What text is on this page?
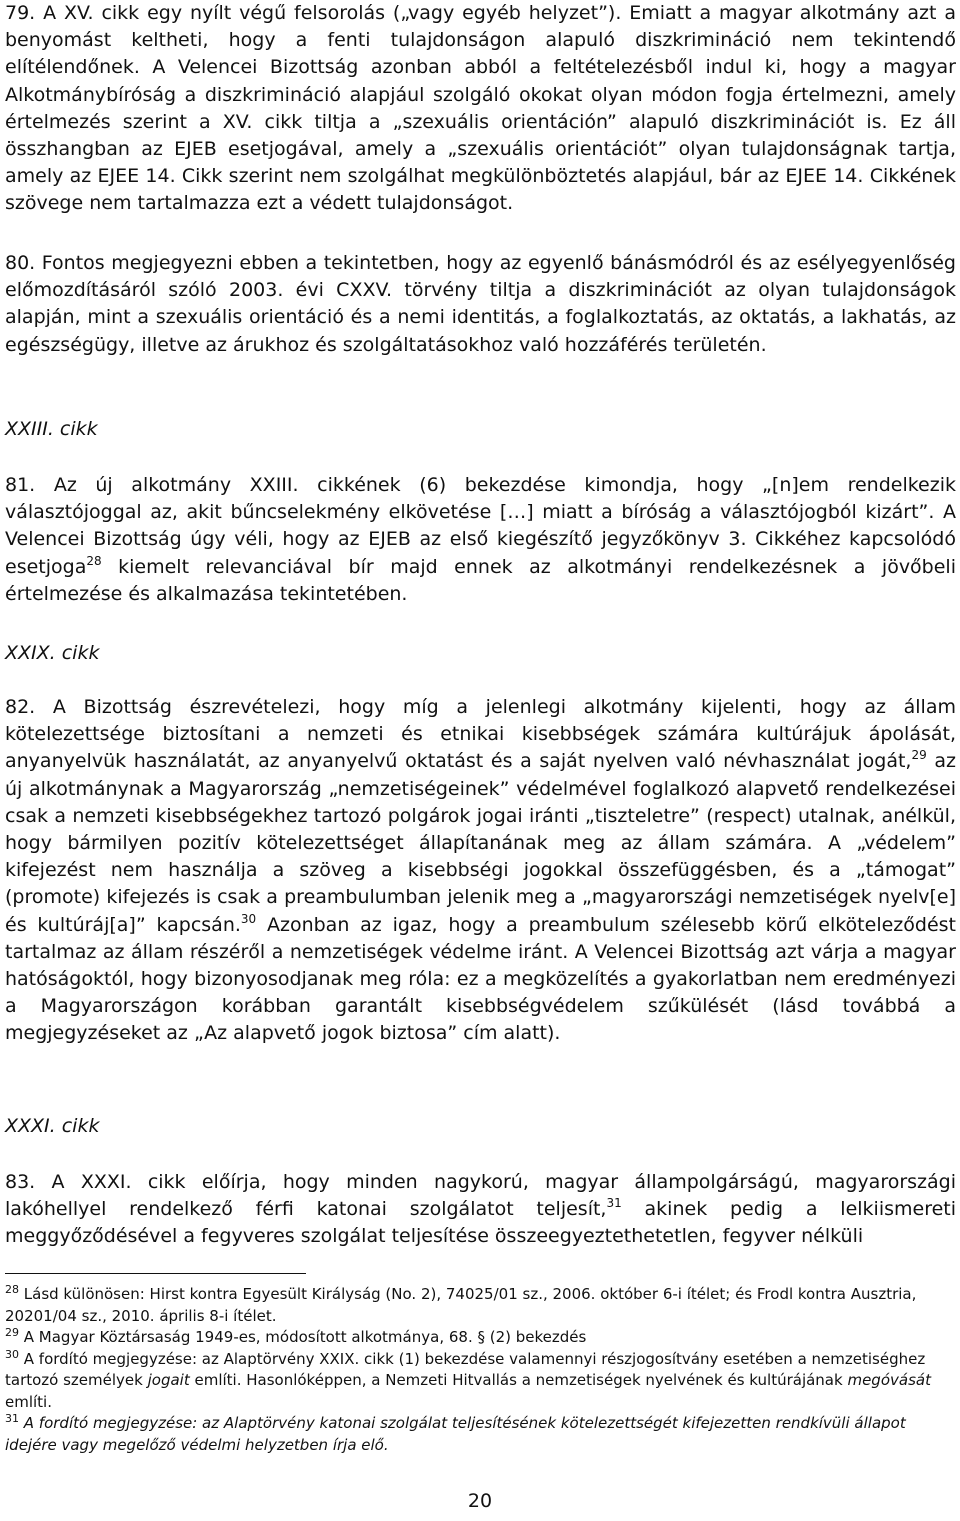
79. A XV. cikk egy nyílt végű felsorolás („vagy egyéb helyzet”). Emiatt a magyar alkotmány azt a benyomást keltheti, hogy a fenti tulajdonságon alapuló diszkrimináció nem tekintendő elítélendőnek. A Velencei Bizottság azonban abból a feltételezésből indul ki, hogy a magyar Alkotmánybíróság a diszkrimináció alapjául szolgáló okokat olyan módon fogja értelmezni, amely értelmezés szerint a XV. cikk tiltja a „szexuális orientáción” alapuló diszkriminációt is. Ez áll összhangban az EJEB esetjogával, amely a „szexuális orientációt” olyan tulajdonságnak tartja, amely az EJEE 14. Cikk szerint nem szolgálhat megkülönböztetés alapjául, bár az EJEE 14. Cikkének szövege nem tartalmazza ezt a védett tulajdonságot.

80. Fontos megjegyezni ebben a tekintetben, hogy az egyenlő bánásmódról és az esélyegyenlőség előmozdításáról szóló 2003. évi CXXV. törvény tiltja a diszkriminációt az olyan tulajdonságok alapján, mint a szexuális orientáció és a nemi identitás, a foglalkoztatás, az oktatás, a lakhatás, az egészségügy, illetve az árukhoz és szolgáltatásokhoz való hozzáférés területén.

XXIII. cikk

81. Az új alkotmány XXIII. cikkének (6) bekezdése kimondja, hogy „[n]em rendelkezik választójoggal az, akit bűncselekmény elkövetése […] miatt a bíróság a választójogból kizárt”. A Velencei Bizottság úgy véli, hogy az EJEB az első kiegészítő jegyzőkönyv 3. Cikkéhez kapcsolódó esetjoga$^{28}$ kiemelt relevanciával bír majd ennek az alkotmányi rendelkezésnek a jövőbeli értelmezése és alkalmazása tekintetében.

XXIX. cikk

82. A Bizottság észrevételezi, hogy míg a jelenlegi alkotmány kijelenti, hogy az állam kötelezettsége biztosítani a nemzeti és etnikai kisebbségek számára kultúrájuk ápolását, anyanyelvük használatát, az anyanyelvű oktatást és a saját nyelven való névhasználat jogát,$^{29}$ az új alkotmánynak a Magyarország „nemzetiségeinek” védelmével foglalkozó alapvető rendelkezései csak a nemzeti kisebbségekhez tartozó polgárok jogai iránti „tiszteletre” (respect) utalnak, anélkül, hogy bármilyen pozitív kötelezettséget állapítanának meg az állam számára. A „védelem” kifejezést nem használja a szöveg a kisebbségi jogokkal összefüggésben, és a „támogat” (promote) kifejezés is csak a preambulumban jelenik meg a „magyarországi nemzetiségek nyelv[e] és kultúráj[a]” kapcsán.$^{30}$ Azonban az igaz, hogy a preambulum szélesebb körű elköteleződést tartalmaz az állam részéről a nemzetiségek védelme iránt. A Velencei Bizottság azt várja a magyar hatóságoktól, hogy bizonyosodjanak meg róla: ez a megközelítés a gyakorlatban nem eredményezi a Magyarországon korábban garantált kisebbségvédelem szűkülését (lásd továbbá a megjegyzéseket az „Az alapvető jogok biztosa” cím alatt).

XXXI. cikk

83. A XXXI. cikk előírja, hogy minden nagykorú, magyar állampolgárságú, magyarországi lakóhellyel rendelkező férfi katonai szolgálatot teljesít,$^{31}$ akinek pedig a lelkiismereti meggyőződésével a fegyveres szolgálat teljesítése összeegyeztethetetlen, fegyver nélküli

$^{28}$ Lásd különösen: Hirst kontra Egyesült Királyság (No. 2), 74025/01 sz., 2006. október 6-i ítélet; és Frodl kontra Ausztria, 20201/04 sz., 2010. április 8-i ítélet.

$^{29}$ A Magyar Köztársaság 1949-es, módosított alkotmánya, 68. § (2) bekezdés

$^{30}$ A fordító megjegyzése: az Alaptörvény XXIX. cikk (1) bekezdése valamennyi részjogosítvány esetében a nemzetiséghez tartozó személyek jogait említi. Hasonlóképpen, a Nemzeti Hitvallás a nemzetiségek nyelvének és kultúrájának megóvását említi.

$^{31}$ A fordító megjegyzése: az Alaptörvény katonai szolgálat teljesítésének kötelezettségét kifejezetten rendkívüli állapot idejére vagy megelőző védelmi helyzetben írja elő.

20
